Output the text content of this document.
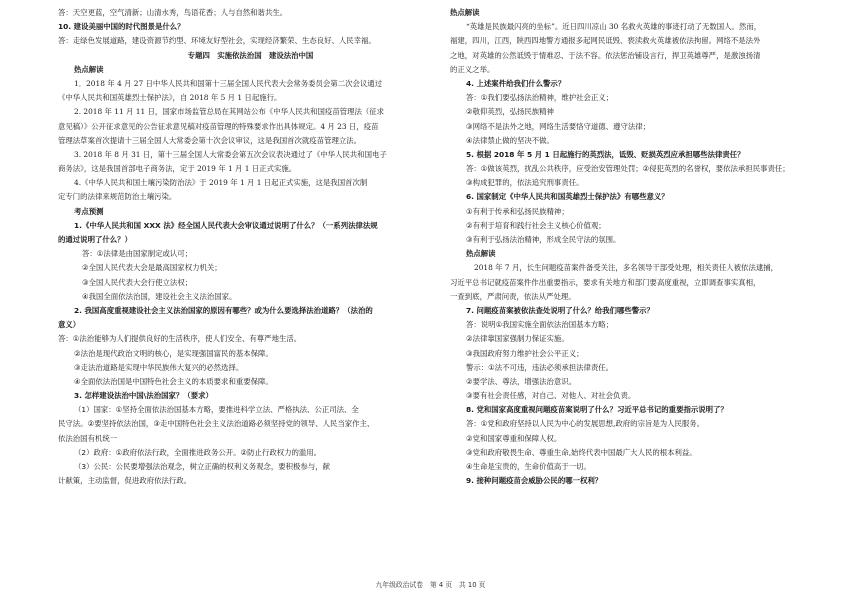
答：天空更蓝，空气清新；山清水秀，鸟语花香；人与自然和谐共生。
10. 建设美丽中国的时代图景是什么？
答：走绿色发展道路，建设资源节约型、环境友好型社会，实现经济繁荣、生态良好、人民幸福。
专题四　实施依法治国　建设法治中国
热点解读
1．2018 年 4 月 27 日中华人民共和国第十三届全国人民代表大会常务委员会第二次会议通过
《中华人民共和国英雄烈士保护法》，自 2018 年 5 月 1 日起施行。
2. 2018 年 11 月 11 日，国家市场监管总局在其网站公布《中华人民共和国疫苗管理法（征求
意见稿）》公开征求意见的公告征求意见稿对疫苗管理的特殊要求作出具体规定。4 月 23 日，疫苗
管理法草案首次提请十三届全国人大常委会第十次会议审议，这是我国首次就疫苗管理立法。
3. 2018 年 8 月 31 日，第十三届全国人大常委会第五次会议表决通过了《中华人民共和国电子
商务法》，这是我国首部电子商务法，定于 2019 年 1 月 1 日正式实施。
4.《中华人民共和国土壤污染防治法》于 2019 年 1 月 1 日起正式实施，这是我国首次制
定专门的法律来规范防治土壤污染。
考点预测
1.《中华人民共和国 XXX 法》经全国人民代表大会审议通过说明了什么？（一系列法律法规
的通过说明了什么？）
答：①法律是由国家制定或认可；
②全国人民代表大会是最高国家权力机关；
③全国人民代表大会行使立法权；
④我国全面依法治国，建设社会主义法治国家。
2. 我国高度重视建设社会主义法治国家的原因有哪些？或为什么要选择法治道路？（法治的
意义）
答：①法治能够为人们提供良好的生活秩序，使人们安全、有尊严地生活。
②法治是现代政治文明的核心，是实现强国富民的基本保障。
③走法治道路是实现中华民族伟大复兴的必然选择。
④全面依法治国是中国特色社会主义的本质要求和重要保障。
3. 怎样建设法治中国\法治国家？（要求）
（1）国家：①坚持全面依法治国基本方略，要推进科学立法、严格执法、公正司法、全
民守法。②要坚持依法治国，③走中国特色社会主义法治道路必须坚持党的领导、人民当家作主、
依法治国有机统一
（2）政府：①政府依法行政，全面推进政务公开。②防止行政权力的滥用。
（3）公民：公民要增强法治观念，树立正确的权利义务观念，要积极参与，献
计献策，主动监督，促进政府依法行政。
热点解读
“英雄是民族最闪亮的坐标”。近日四川凉山 30 名救火英雄的事迹打动了无数国人。然而，
福建，四川，江西，陕西四地警方通报多起网民诋毁、亵渎救火英雄被依法拘留。网络不是法外
之地，对英雄的公然诋毁于情难忍、于法不容。依法惩治铺设言行，捍卫英雄尊严，是激浊扬清
的正义之举。
4. 上述案件给我们什么警示？
答：①我们要弘扬法治精神，维护社会正义；
②敬仰英烈，弘扬民族精神
③网络不是法外之地，网络生活要恪守道德、遵守法律；
④法律禁止做的坚决不做。
5. 根据 2018 年 5 月 1 日起施行的英烈法，诋毁、贬损英烈应承担哪些法律责任？
答：①做该英烈，扰乱公共秩序，应受治安管理处罚；②侵犯英烈的名誉权，要依法承担民事责任；
③构成犯罪的，依法追究刑事责任。
6. 国家制定《中华人民共和国英雄烈士保护法》有哪些意义？
①有利于传承和弘扬民族精神；
②有利于培育和践行社会主义核心价值观；
③有利于弘扬法治精神，形成全民守法的氛围。
热点解读
2018 年 7 月，长生问题疫苗案件备受关注，多名领导干部受处理，相关责任人被依法逮捕，
习近平总书记就疫苗案件作出重要指示，要求有关地方和部门要高度重视，立即调查事实真相，
一查到底，严肃问责，依法从严处理。
7. 问题疫苗案被依法查处说明了什么？给我们哪些警示？
答：说明①我国实施全面依法治国基本方略；
②法律靠国家强制力保证实施。
③我国政府努力维护社会公平正义；
警示：①法不可违，违法必须承担法律责任。
②要学法、尊法，增强法治意识。
③要有社会责任感，对自己、对他人、对社会负责。
8. 党和国家高度重视问题疫苗案说明了什么？习近平总书记的重要指示说明了？
答：①党和政府坚持以人民为中心的发展思想,政府的宗旨是为人民服务。
②党和国家尊重和保障人权。
③党和政府敬畏生命、尊重生命,始终代表中国最广大人民的根本利益。
④生命是宝贵的，生命价值高于一切。
9. 接种问题疫苗会威胁公民的哪一权利？
九年级政治试卷　第 4 页　共 10 页
